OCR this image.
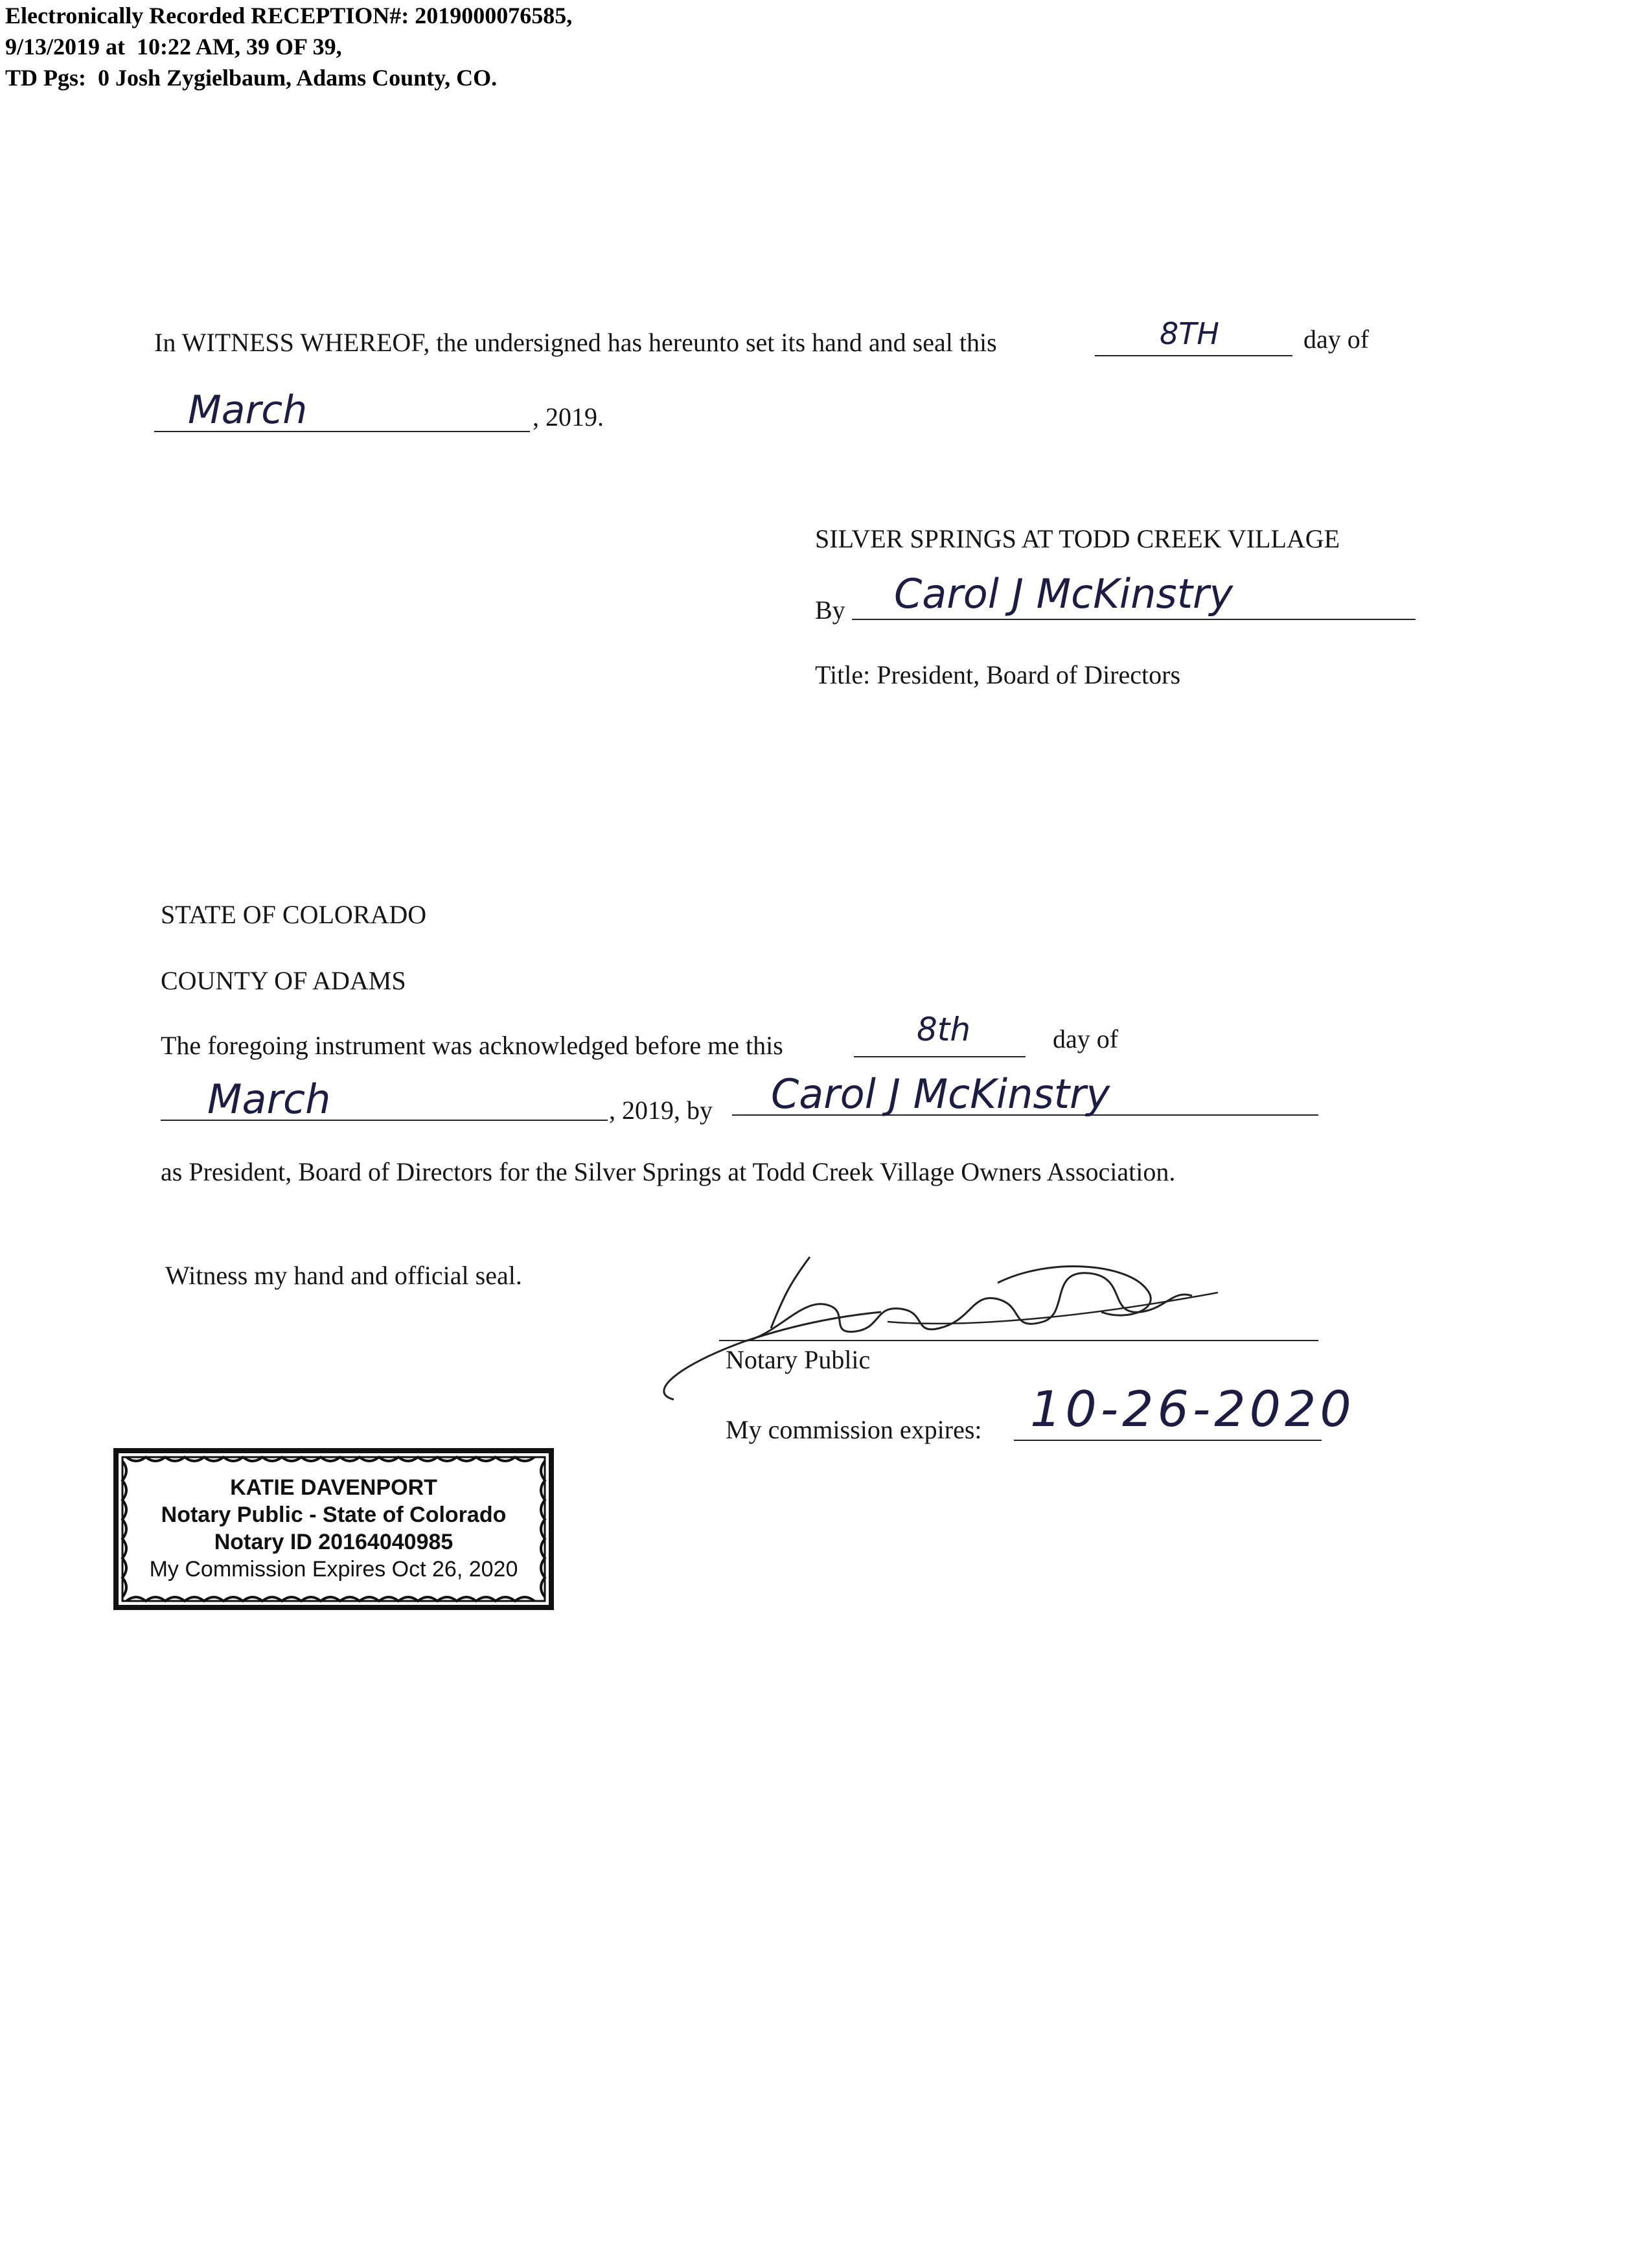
Electronically Recorded RECEPTION#: 2019000076585,
9/13/2019 at  10:22 AM, 39 OF 39,
TD Pgs:  0 Josh Zygielbaum, Adams County, CO.
In WITNESS WHEREOF, the undersigned has hereunto set its hand and seal this	8TH	day of
March	, 2019.
SILVER SPRINGS AT TODD CREEK VILLAGE
By Carol J McKinstry
Title: President, Board of Directors
STATE OF COLORADO
COUNTY OF ADAMS
The foregoing instrument was acknowledged before me this	8th	day of
March	, 2019, by Carol J McKinstry
as President, Board of Directors for the Silver Springs at Todd Creek Village Owners Association.
Witness my hand and official seal.
Notary Public
My commission expires: 10-26-2020
KATIE DAVENPORT
Notary Public - State of Colorado
Notary ID 20164040985
My Commission Expires Oct 26, 2020
